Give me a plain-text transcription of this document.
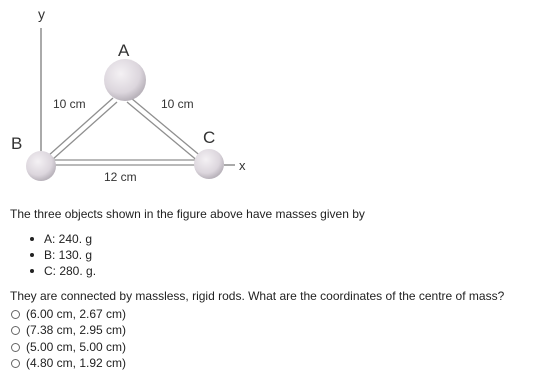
y
x
A
B	C
10 cm	10 cm
12 cm

The three objects shown in the figure above have masses given by

A: 240. g
B: 130. g
C: 280. g.

They are connected by massless, rigid rods. What are the coordinates of the centre of mass?

(6.00 cm, 2.67 cm)
(7.38 cm, 2.95 cm)
(5.00 cm, 5.00 cm)
(4.80 cm, 1.92 cm)
